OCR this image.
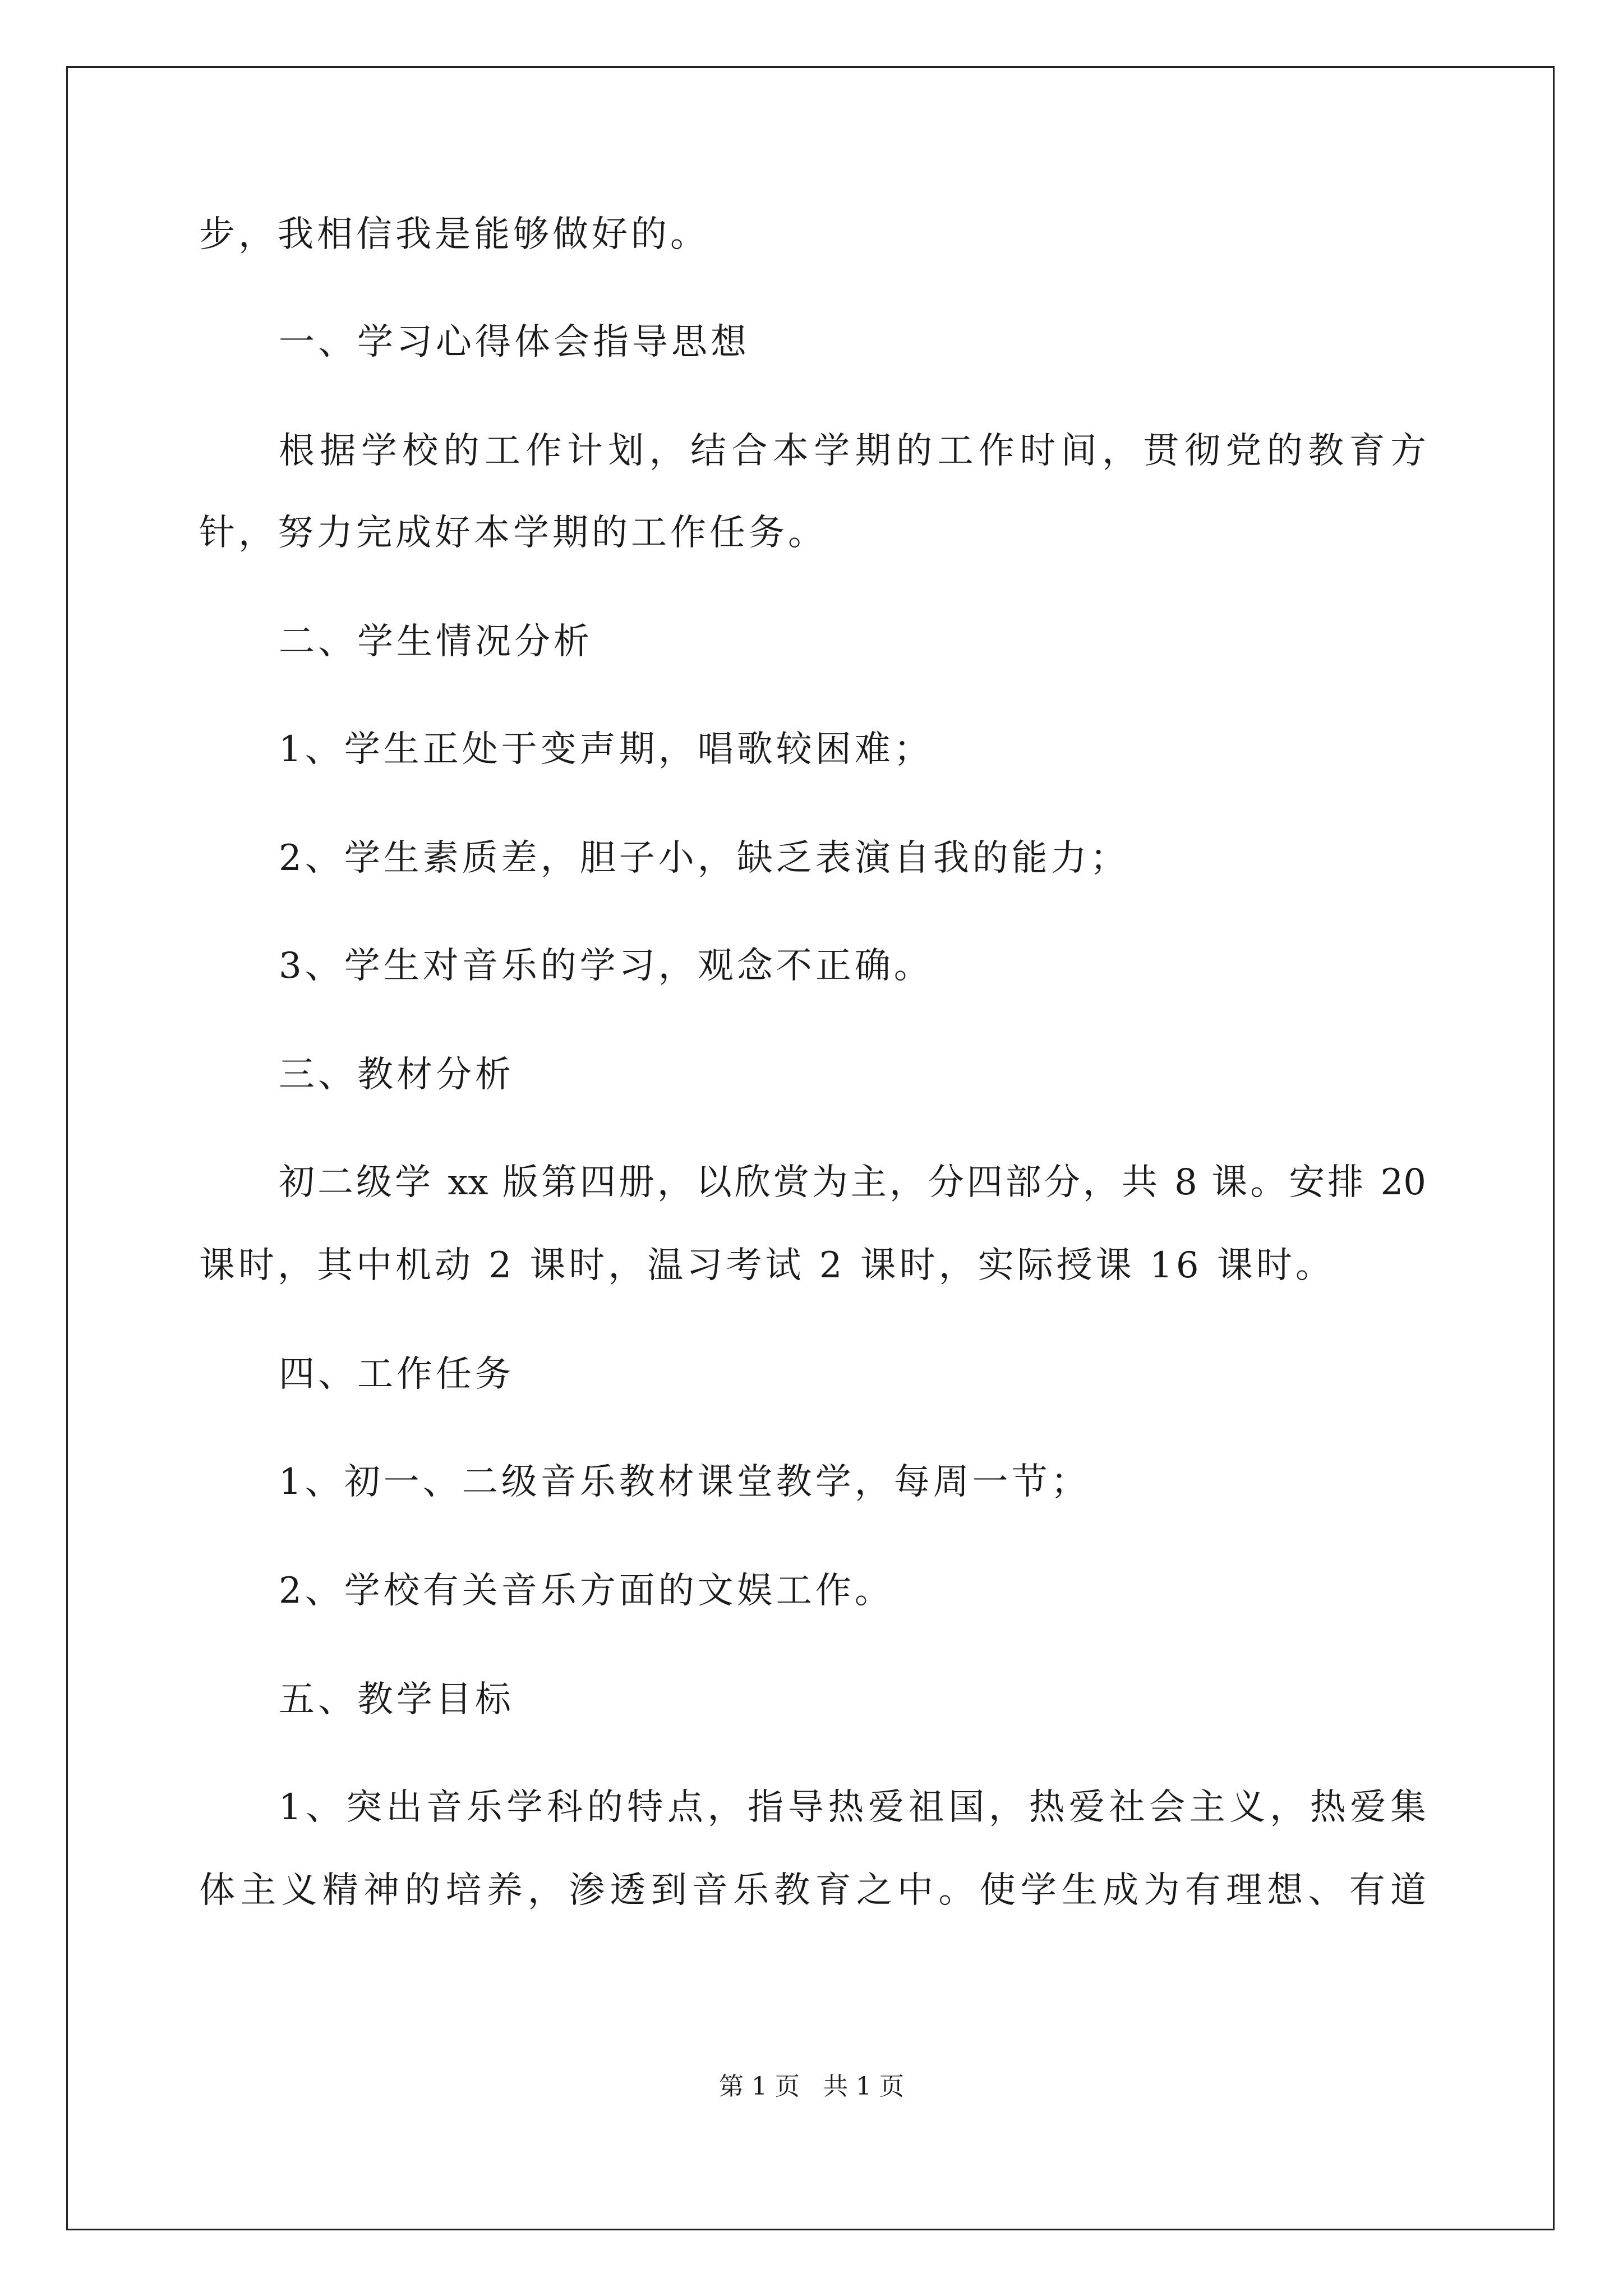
步，我相信我是能够做好的。
一、学习心得体会指导思想
根据学校的工作计划，结合本学期的工作时间，贯彻党的教育方
针，努力完成好本学期的工作任务。
二、学生情况分析
1、学生正处于变声期，唱歌较困难；
2、学生素质差，胆子小，缺乏表演自我的能力；
3、学生对音乐的学习，观念不正确。
三、教材分析
初二级学 xx 版第四册，以欣赏为主，分四部分，共 8 课。安排 20
课时，其中机动 2 课时，温习考试 2 课时，实际授课 16 课时。
四、工作任务
1、初一、二级音乐教材课堂教学，每周一节；
2、学校有关音乐方面的文娱工作。
五、教学目标
1、突出音乐学科的特点，指导热爱祖国，热爱社会主义，热爱集
体主义精神的培养，渗透到音乐教育之中。使学生成为有理想、有道
第 1 页   共 1 页
